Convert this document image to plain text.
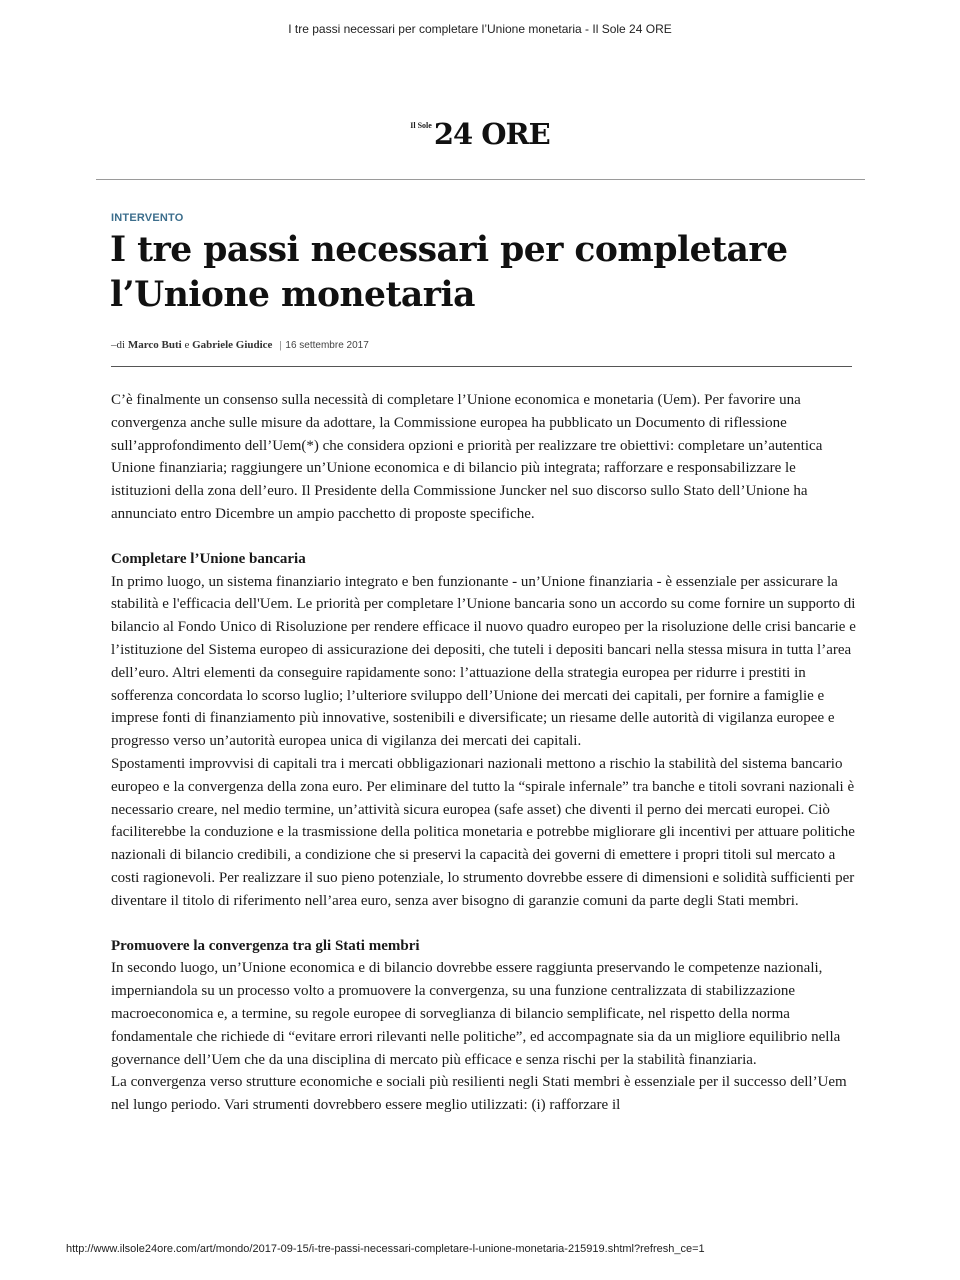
I tre passi necessari per completare l’Unione monetaria - Il Sole 24 ORE
$^{Il Sole}$24 ORE
INTERVENTO
I tre passi necessari per completare l’Unione monetaria
–di Marco Buti e Gabriele Giudice | 16 settembre 2017

C’è finalmente un consenso sulla necessità di completare l’Unione economica e monetaria (Uem). Per favorire una convergenza anche sulle misure da adottare, la Commissione europea ha pubblicato un Documento di riflessione sull’approfondimento dell’Uem(*) che considera opzioni e priorità per realizzare tre obiettivi: completare un’autentica Unione finanziaria; raggiungere un’Unione economica e di bilancio più integrata; rafforzare e responsabilizzare le istituzioni della zona dell’euro. Il Presidente della Commissione Juncker nel suo discorso sullo Stato dell’Unione ha annunciato entro Dicembre un ampio pacchetto di proposte specifiche.

Completare l’Unione bancaria

In primo luogo, un sistema finanziario integrato e ben funzionante - un’Unione finanziaria - è essenziale per assicurare la stabilità e l'efficacia dell'Uem. Le priorità per completare l’Unione bancaria sono un accordo su come fornire un supporto di bilancio al Fondo Unico di Risoluzione per rendere efficace il nuovo quadro europeo per la risoluzione delle crisi bancarie e l’istituzione del Sistema europeo di assicurazione dei depositi, che tuteli i depositi bancari nella stessa misura in tutta l’area dell’euro. Altri elementi da conseguire rapidamente sono: l’attuazione della strategia europea per ridurre i prestiti in sofferenza concordata lo scorso luglio; l’ulteriore sviluppo dell’Unione dei mercati dei capitali, per fornire a famiglie e imprese fonti di finanziamento più innovative, sostenibili e diversificate; un riesame delle autorità di vigilanza europee e progresso verso un’autorità europea unica di vigilanza dei mercati dei capitali.

Spostamenti improvvisi di capitali tra i mercati obbligazionari nazionali mettono a rischio la stabilità del sistema bancario europeo e la convergenza della zona euro. Per eliminare del tutto la “spirale infernale” tra banche e titoli sovrani nazionali è necessario creare, nel medio termine, un’attività sicura europea (safe asset) che diventi il perno dei mercati europei. Ciò faciliterebbe la conduzione e la trasmissione della politica monetaria e potrebbe migliorare gli incentivi per attuare politiche nazionali di bilancio credibili, a condizione che si preservi la capacità dei governi di emettere i propri titoli sul mercato a costi ragionevoli. Per realizzare il suo pieno potenziale, lo strumento dovrebbe essere di dimensioni e solidità sufficienti per diventare il titolo di riferimento nell’area euro, senza aver bisogno di garanzie comuni da parte degli Stati membri.

Promuovere la convergenza tra gli Stati membri

In secondo luogo, un’Unione economica e di bilancio dovrebbe essere raggiunta preservando le competenze nazionali, imperniandola su un processo volto a promuovere la convergenza, su una funzione centralizzata di stabilizzazione macroeconomica e, a termine, su regole europee di sorveglianza di bilancio semplificate, nel rispetto della norma fondamentale che richiede di “evitare errori rilevanti nelle politiche”, ed accompagnate sia da un migliore equilibrio nella governance dell’Uem che da una disciplina di mercato più efficace e senza rischi per la stabilità finanziaria.

La convergenza verso strutture economiche e sociali più resilienti negli Stati membri è essenziale per il successo dell’Uem nel lungo periodo. Vari strumenti dovrebbero essere meglio utilizzati: (i) rafforzare il

http://www.ilsole24ore.com/art/mondo/2017-09-15/i-tre-passi-necessari-completare-l-unione-monetaria-215919.shtml?refresh_ce=1
